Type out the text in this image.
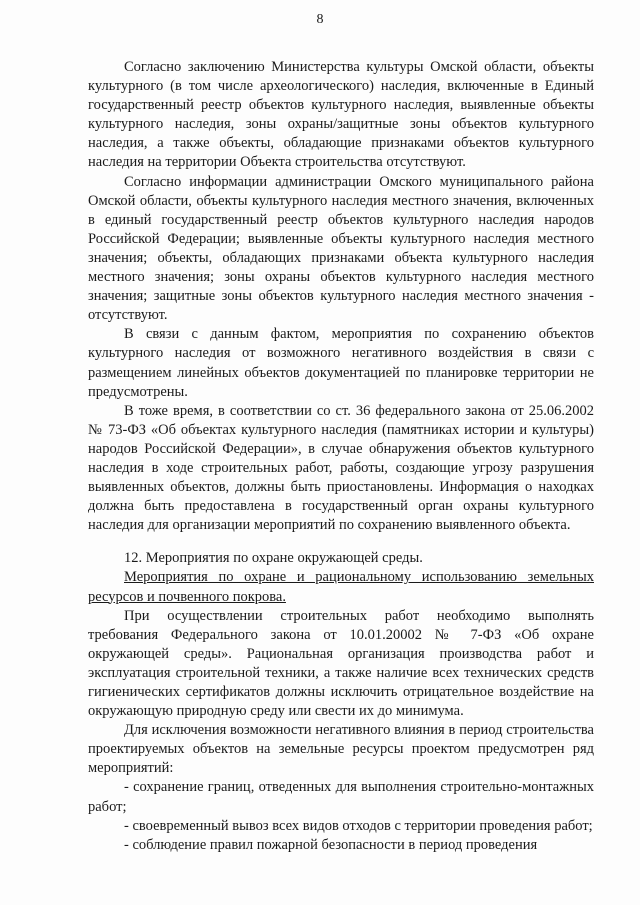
8

Согласно заключению Министерства культуры Омской области, объекты культурного (в том числе археологического) наследия, включенные в Единый государственный реестр объектов культурного наследия, выявленные объекты культурного наследия, зоны охраны/защитные зоны объектов культурного наследия, а также объекты, обладающие признаками объектов культурного наследия на территории Объекта строительства отсутствуют.

Согласно информации администрации Омского муниципального района Омской области, объекты культурного наследия местного значения, включенных в единый государственный реестр объектов культурного наследия народов Российской Федерации; выявленные объекты культурного наследия местного значения; объекты, обладающих признаками объекта культурного наследия местного значения; зоны охраны объектов культурного наследия местного значения; защитные зоны объектов культурного наследия местного значения - отсутствуют.

В связи с данным фактом, мероприятия по сохранению объектов культурного наследия от возможного негативного воздействия в связи с размещением линейных объектов документацией по планировке территории не предусмотрены.

В тоже время, в соответствии со ст. 36 федерального закона от 25.06.2002 № 73-ФЗ «Об объектах культурного наследия (памятниках истории и культуры) народов Российской Федерации», в случае обнаружения объектов культурного наследия в ходе строительных работ, работы, создающие угрозу разрушения выявленных объектов, должны быть приостановлены. Информация о находках должна быть предоставлена в государственный орган охраны культурного наследия для организации мероприятий по сохранению выявленного объекта.

12. Мероприятия по охране окружающей среды.

Мероприятия по охране и рациональному использованию земельных ресурсов и почвенного покрова.

При осуществлении строительных работ необходимо выполнять требования Федерального закона от 10.01.20002 № 7-ФЗ «Об охране окружающей среды». Рациональная организация производства работ и эксплуатация строительной техники, а также наличие всех технических средств гигиенических сертификатов должны исключить отрицательное воздействие на окружающую природную среду или свести их до минимума.

Для исключения возможности негативного влияния в период строительства проектируемых объектов на земельные ресурсы проектом предусмотрен ряд мероприятий:

- сохранение границ, отведенных для выполнения строительно-монтажных работ;

- своевременный вывоз всех видов отходов с территории проведения работ;

- соблюдение правил пожарной безопасности в период проведения
